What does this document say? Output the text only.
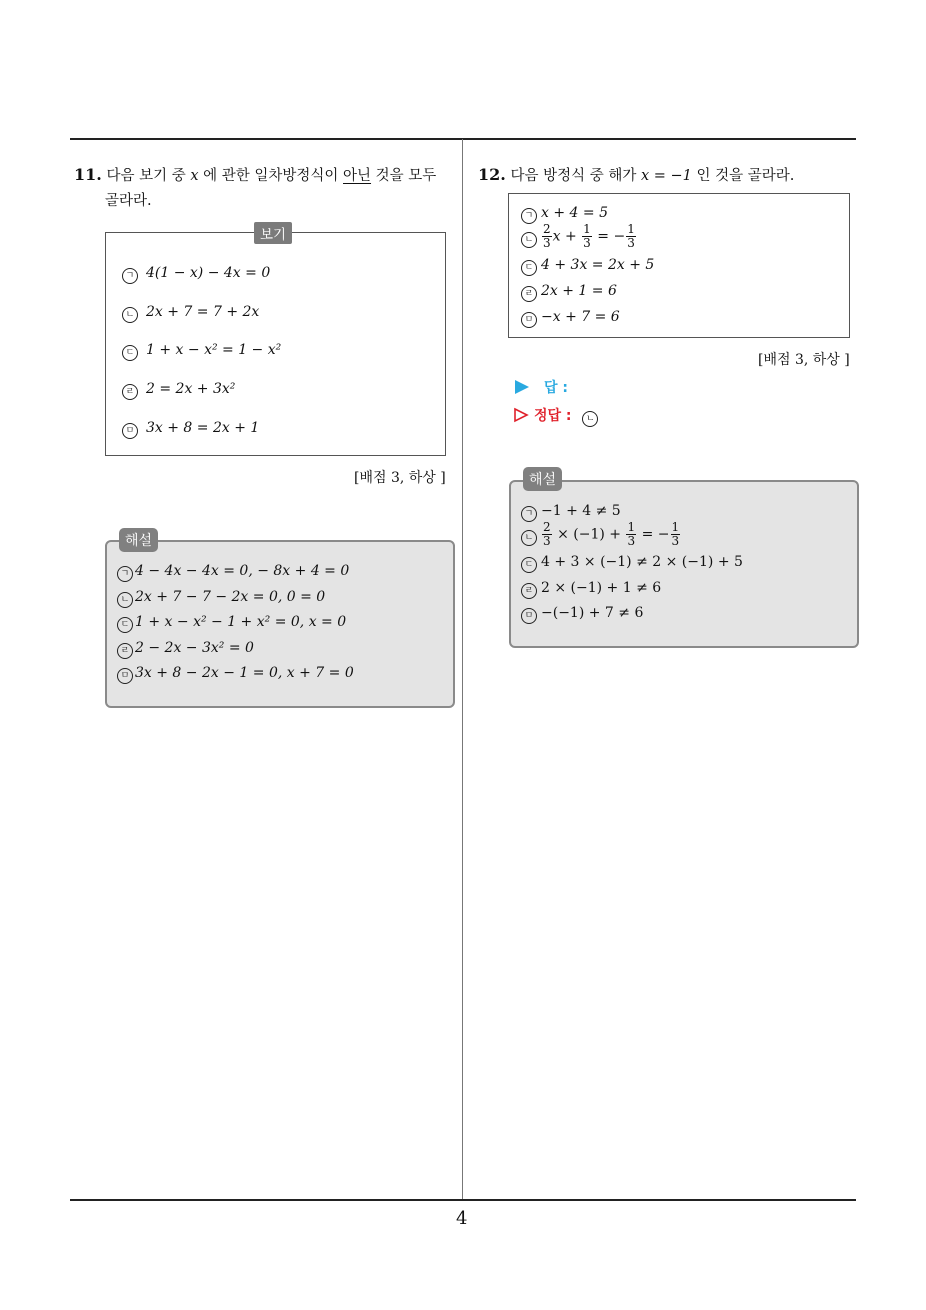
11. 다음 보기 중 x 에 관한 일차방정식이 아닌 것을 모두
골라라.
보기
ㄱ 4(1 − x) − 4x = 0
ㄴ 2x + 7 = 7 + 2x
ㄷ 1 + x − x² = 1 − x²
ㄹ 2 = 2x + 3x²
ㅁ 3x + 8 = 2x + 1
[배점 3, 하상 ]
해설
ㄱ 4 − 4x − 4x = 0, − 8x + 4 = 0
ㄴ 2x + 7 − 7 − 2x = 0, 0 = 0
ㄷ 1 + x − x² − 1 + x² = 0, x = 0
ㄹ 2 − 2x − 3x² = 0
ㅁ 3x + 8 − 2x − 1 = 0, x + 7 = 0
12. 다음 방정식 중 해가 x = −1 인 것을 골라라.
ㄱ x + 4 = 5
ㄴ $\frac{2}{3}$ $x + \frac{1}{3}$ = − $\frac{1}{3}$
ㄷ 4 + 3x = 2x + 5
ㄹ 2x + 1 = 6
ㅁ −x + 7 = 6
[배점 3, 하상 ]
답 :
정답 : ㄴ
해설
ㄱ −1 + 4 ≠ 5
ㄴ $\frac{2}{3} \times (-1) + \frac{1}{3}$ = − $\frac{1}{3}$
ㄷ 4 + 3 × (−1) ≠ 2 × (−1) + 5
ㄹ 2 × (−1) + 1 ≠ 6
ㅁ −(−1) + 7 ≠ 6
4
